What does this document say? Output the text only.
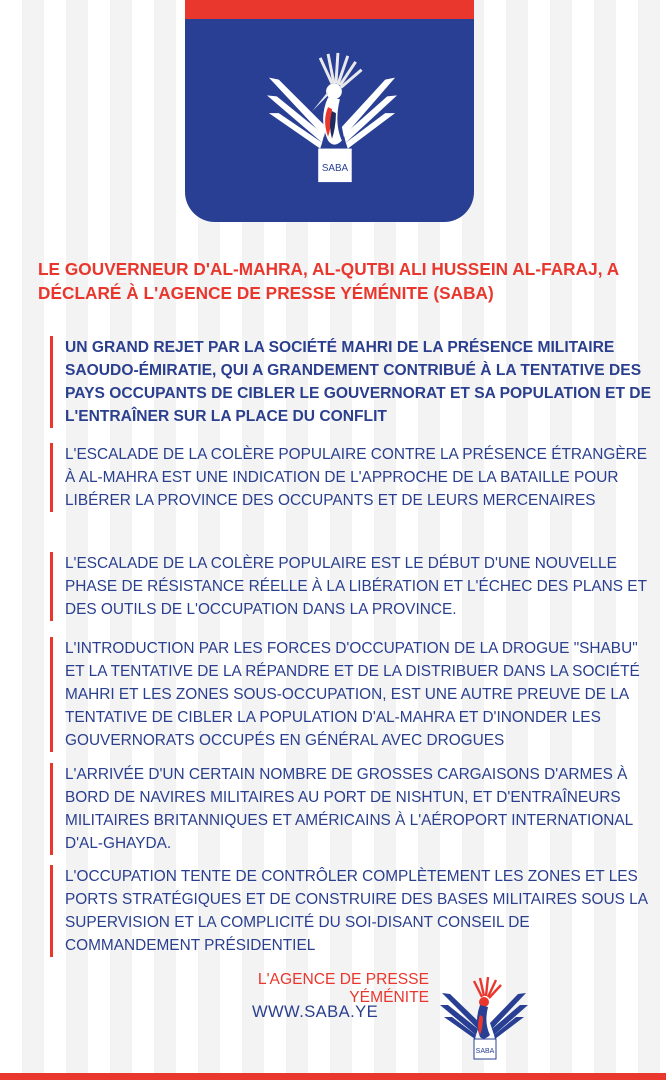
SABA

LE GOUVERNEUR D'AL-MAHRA, AL-QUTBI ALI HUSSEIN AL-FARAJ, A DÉCLARÉ À L'AGENCE DE PRESSE YÉMÉNITE (SABA)

UN GRAND REJET PAR LA SOCIÉTÉ MAHRI DE LA PRÉSENCE MILITAIRE SAOUDO-ÉMIRATIE, QUI A GRANDEMENT CONTRIBUÉ À LA TENTATIVE DES PAYS OCCUPANTS DE CIBLER LE GOUVERNORAT ET SA POPULATION ET DE L'ENTRAÎNER SUR LA PLACE DU CONFLIT

L'ESCALADE DE LA COLÈRE POPULAIRE CONTRE LA PRÉSENCE ÉTRANGÈRE À AL-MAHRA EST UNE INDICATION DE L'APPROCHE DE LA BATAILLE POUR LIBÉRER LA PROVINCE DES OCCUPANTS ET DE LEURS MERCENAIRES

L'ESCALADE DE LA COLÈRE POPULAIRE EST LE DÉBUT D'UNE NOUVELLE PHASE DE RÉSISTANCE RÉELLE À LA LIBÉRATION ET L'ÉCHEC DES PLANS ET DES OUTILS DE L'OCCUPATION DANS LA PROVINCE.

L'INTRODUCTION PAR LES FORCES D'OCCUPATION DE LA DROGUE "SHABU" ET LA TENTATIVE DE LA RÉPANDRE ET DE LA DISTRIBUER DANS LA SOCIÉTÉ MAHRI ET LES ZONES SOUS-OCCUPATION, EST UNE AUTRE PREUVE DE LA TENTATIVE DE CIBLER LA POPULATION D'AL-MAHRA ET D'INONDER LES GOUVERNORATS OCCUPÉS EN GÉNÉRAL AVEC DROGUES

L'ARRIVÉE D'UN CERTAIN NOMBRE DE GROSSES CARGAISONS D'ARMES À BORD DE NAVIRES MILITAIRES AU PORT DE NISHTUN, ET D'ENTRAÎNEURS MILITAIRES BRITANNIQUES ET AMÉRICAINS À L'AÉROPORT INTERNATIONAL D'AL-GHAYDA.

L'OCCUPATION TENTE DE CONTRÔLER COMPLÈTEMENT LES ZONES ET LES PORTS STRATÉGIQUES ET DE CONSTRUIRE DES BASES MILITAIRES SOUS LA SUPERVISION ET LA COMPLICITÉ DU SOI-DISANT CONSEIL DE COMMANDEMENT PRÉSIDENTIEL

L'AGENCE DE PRESSE YÉMÉNITE
WWW.SABA.YE
SABA
